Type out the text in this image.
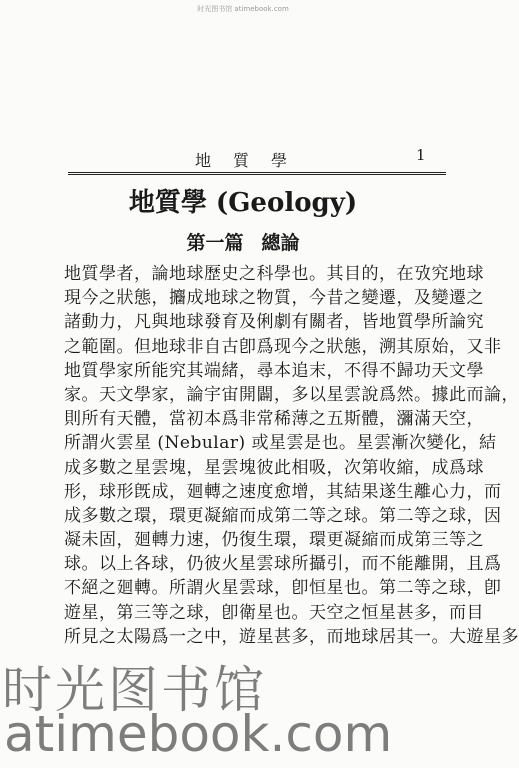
时光图书馆 atimebook.com
地質學	1
地質學 (Geology)
第一篇 總論
地質學者，論地球歷史之科學也。其目的，在攷究地球
現今之狀態，攟成地球之物質，今昔之變遷，及變遷之
諸動力，凡與地球發育及俐劇有關者，皆地質學所論究
之範圍。但地球非自古卽爲现今之狀態，溯其原始，又非
地質學家所能究其端緒，尋本追末，不得不歸功天文學
家。天文學家，論宇宙開闢，多以星雲說爲然。據此而論，
則所有天體，當初本爲非常稀薄之五斯體，瀰滿天空，
所謂火雲星 (Nebular) 或星雲是也。星雲漸次變化，結
成多數之星雲塊，星雲塊彼此相吸，次第收縮，成爲球
形，球形旣成，廻轉之速度愈增，其結果遂生離心力，而
成多數之環，環更凝縮而成第二等之球。第二等之球，因
凝未固，廻轉力速，仍復生環，環更凝縮而成第三等之
球。以上各球，仍彼火星雲球所攝引，而不能離開，且爲
不絕之廻轉。所謂火星雲球，卽恒星也。第二等之球，卽
遊星，第三等之球，卽衛星也。天空之恒星甚多，而目
所見之太陽爲一之中，遊星甚多，而地球居其一。大遊星多
时光图书馆
atimebook.com
